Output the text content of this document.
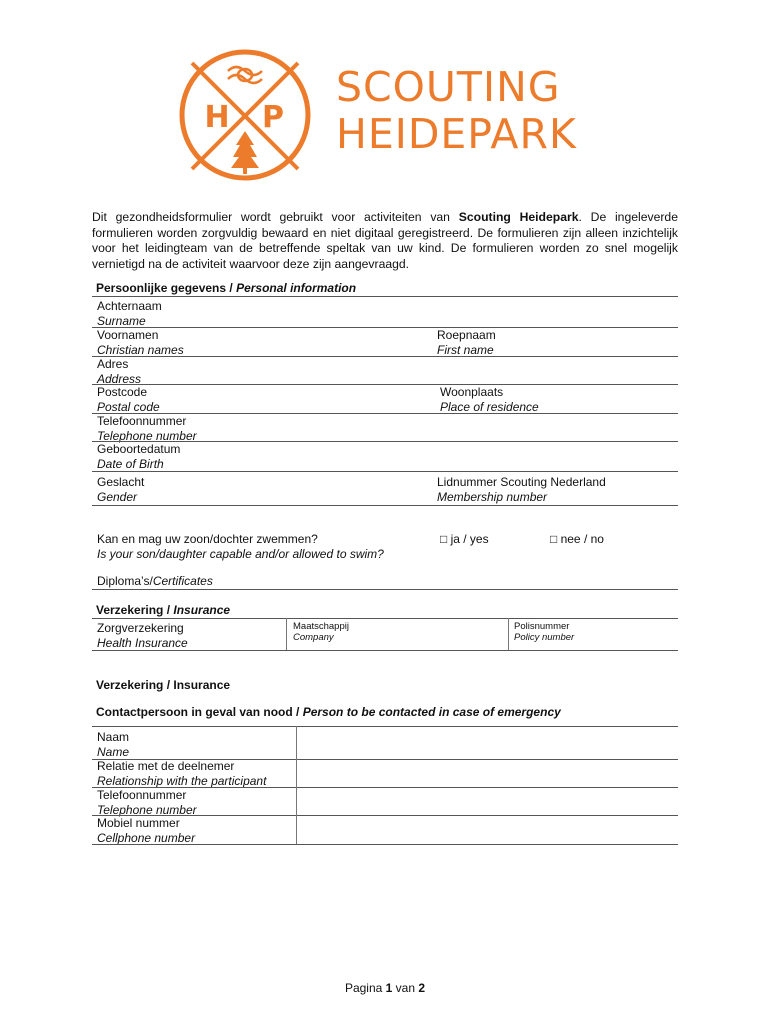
H P
SCOUTING
HEIDEPARK
Dit gezondheidsformulier wordt gebruikt voor activiteiten van Scouting Heidepark. De ingeleverde formulieren worden zorgvuldig bewaard en niet digitaal geregistreerd. De formulieren zijn alleen inzichtelijk voor het leidingteam van de betreffende speltak van uw kind. De formulieren worden zo snel mogelijk vernietigd na de activiteit waarvoor deze zijn aangevraagd.
Persoonlijke gegevens / Personal information
Achternaam
Surname
Voornamen
Christian names
Roepnaam
First name
Adres
Address
Postcode
Postal code
Woonplaats
Place of residence
Telefoonnummer
Telephone number
Geboortedatum
Date of Birth
Geslacht
Gender
Lidnummer Scouting Nederland
Membership number
Kan en mag uw zoon/dochter zwemmen?
Is your son/daughter capable and/or allowed to swim?
□ ja / yes	□ nee / no
Diploma’s/Certificates
Verzekering / Insurance
Zorgverzekering
Health Insurance
Maatschappij
Company
Polisnummer
Policy number
Verzekering / Insurance
Contactpersoon in geval van nood / Person to be contacted in case of emergency
Naam
Name
Relatie met de deelnemer
Relationship with the participant
Telefoonnummer
Telephone number
Mobiel nummer
Cellphone number
Pagina 1 van 2
